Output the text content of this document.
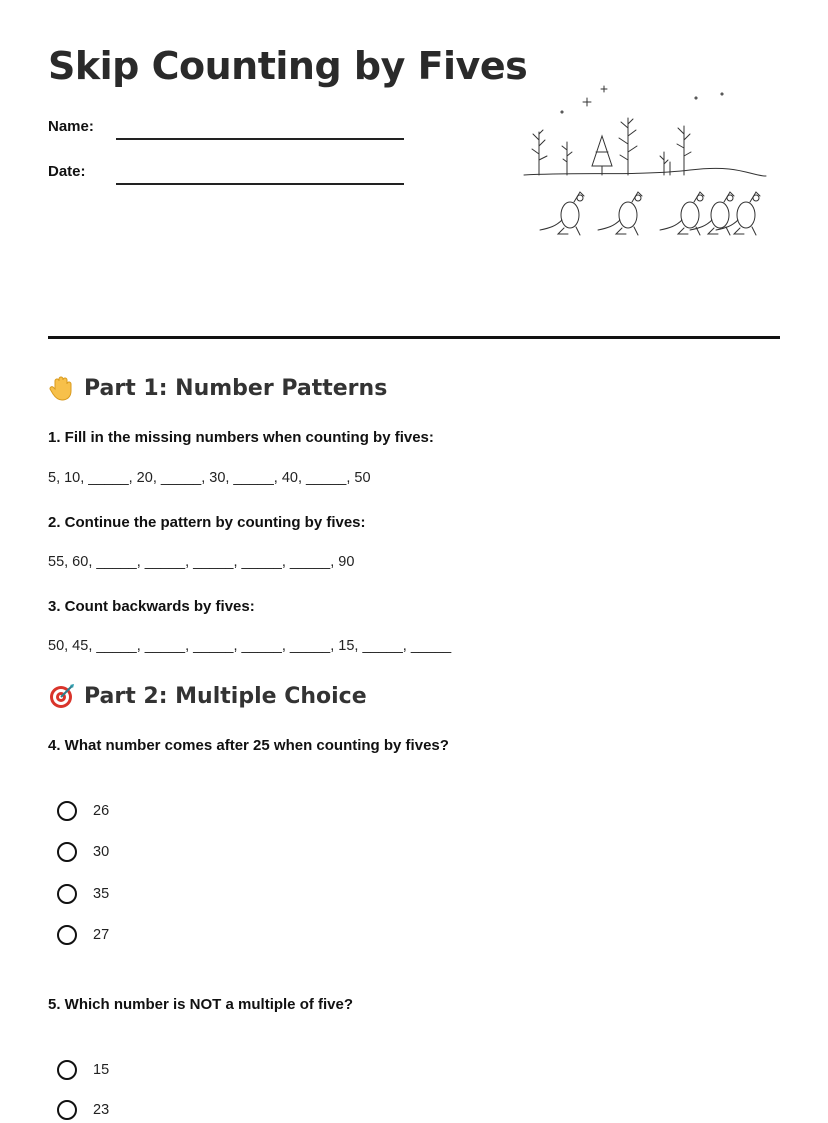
Skip Counting by Fives
Name:
Date:
Part 1: Number Patterns
1. Fill in the missing numbers when counting by fives:
5, 10, _____, 20, _____, 30, _____, 40, _____, 50
2. Continue the pattern by counting by fives:
55, 60, _____, _____, _____, _____, _____, 90
3. Count backwards by fives:
50, 45, _____, _____, _____, _____, _____, 15, _____, _____
Part 2: Multiple Choice
4. What number comes after 25 when counting by fives?
26
30
35
27
5. Which number is NOT a multiple of five?
15
23
